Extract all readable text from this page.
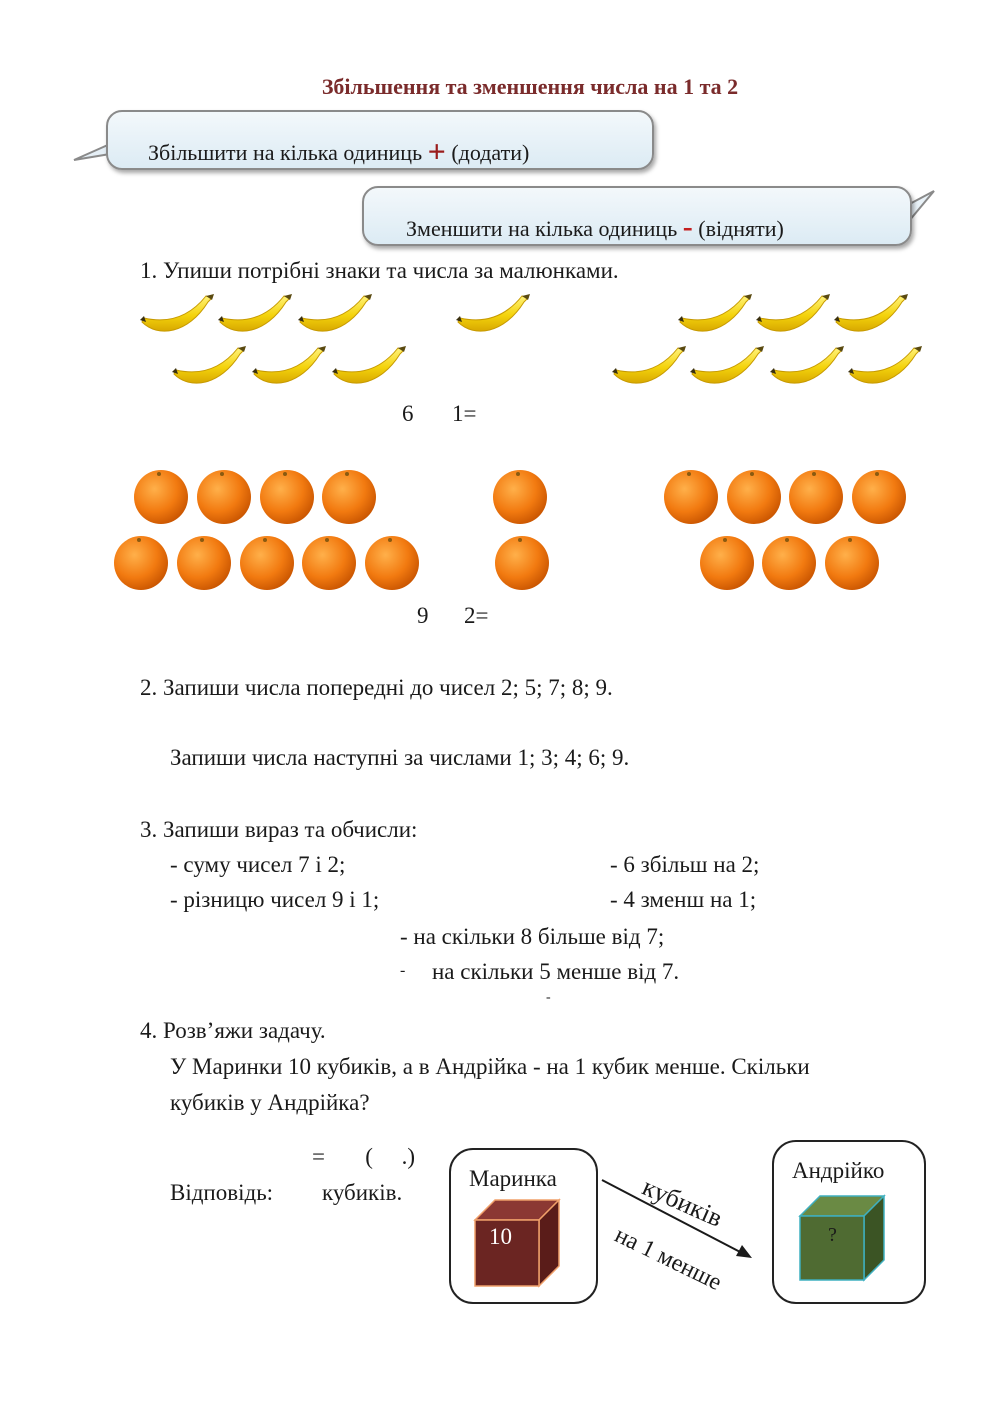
Збільшення та зменшення числа на 1 та 2
Збільшити на кілька одиниць + (додати)
Зменшити на кілька одиниць - (відняти)
1. Упиши потрібні знаки та числа за малюнками.
6 1=
9 2=
2. Запиши числа попередні до чисел 2; 5; 7; 8; 9.
Запиши числа наступні за числами 1; 3; 4; 6; 9.
3. Запиши вираз та обчисли:
- суму чисел 7 і 2;
- різницю чисел 9 і 1;
- 6 збільш на 2;
- 4 зменш на 1;
- на скільки 8 більше від 7;
- на скільки 5 менше від 7.
-
4. Розв’яжи задачу.
У Маринки 10 кубиків, а в Андрійка - на 1 кубик менше. Скільки
кубиків у Андрійка?
=       (     .)
Відповідь: кубиків.
Маринка
10
кубиків
на 1 менше
Андрійко
?
